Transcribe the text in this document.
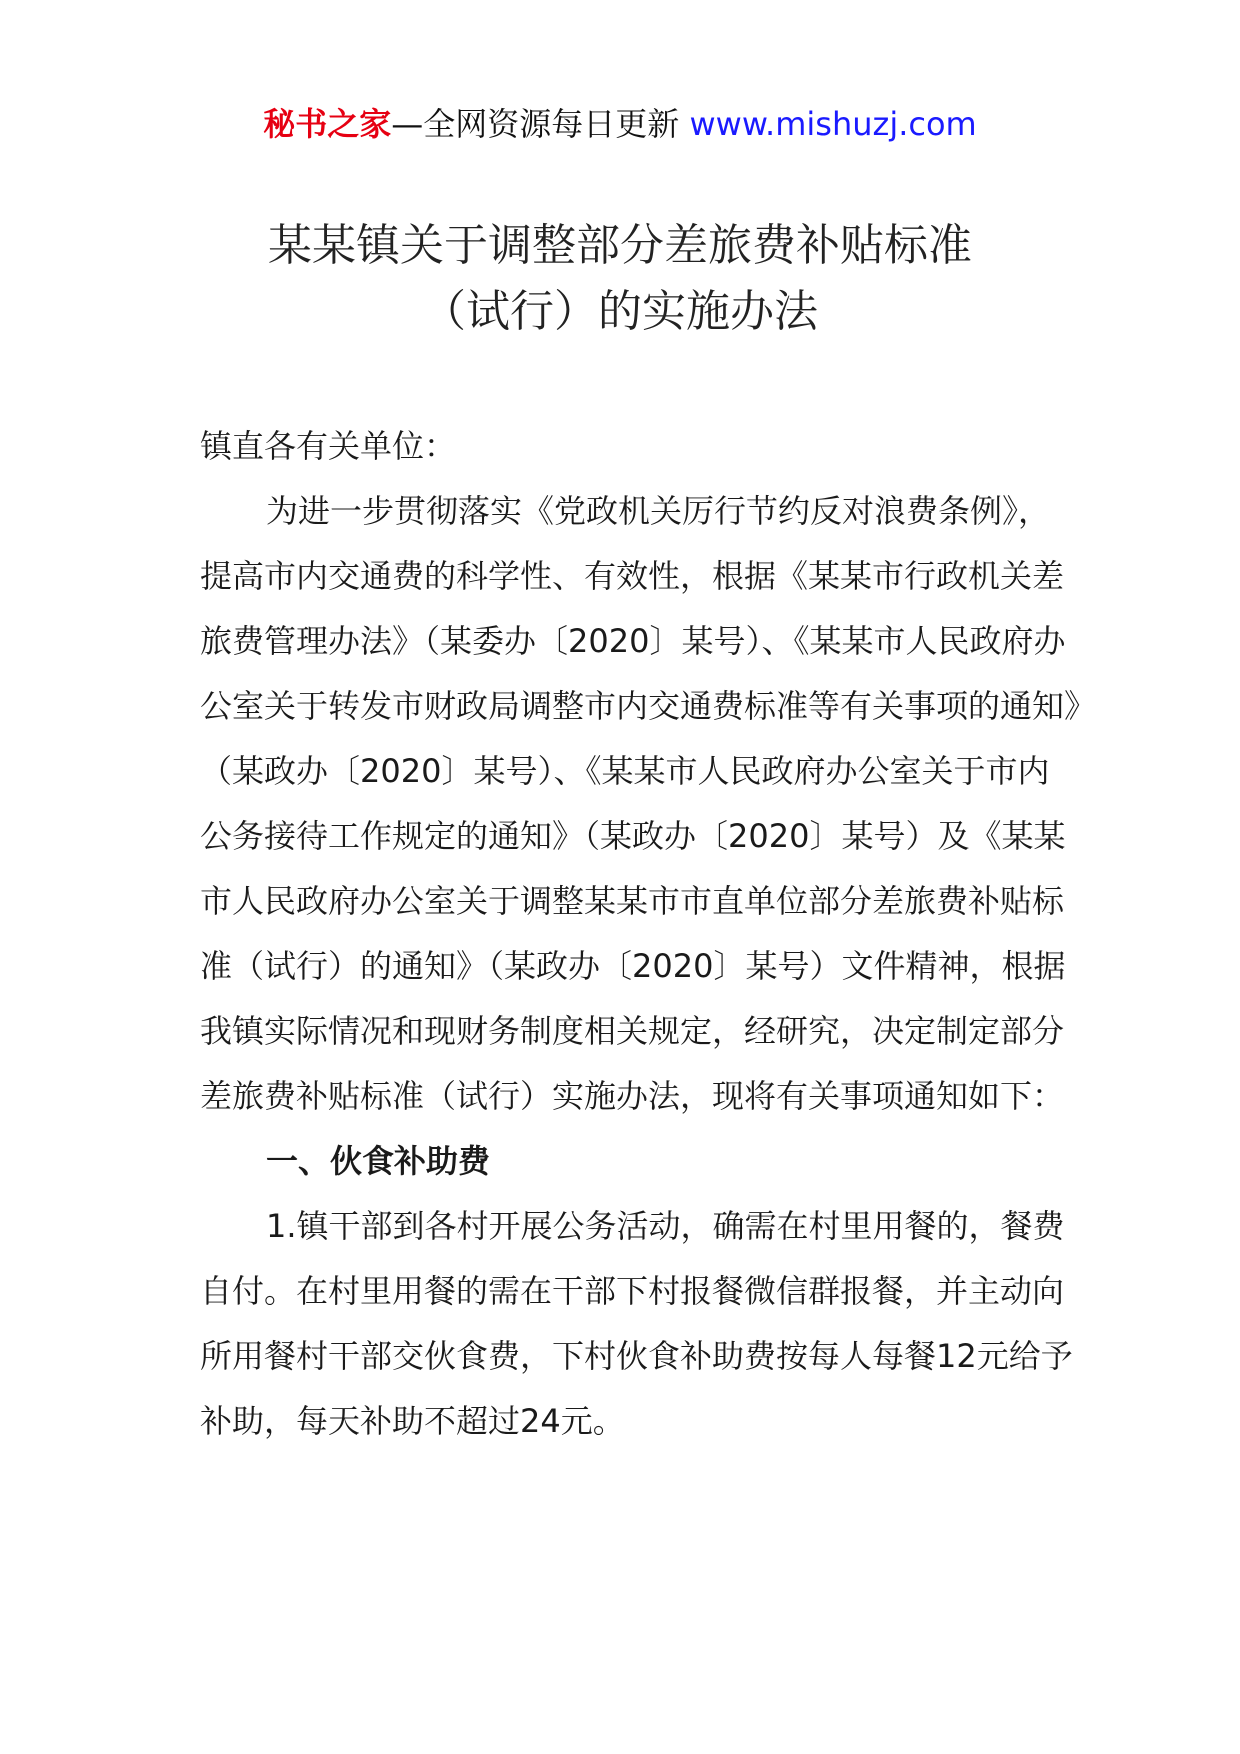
秘书之家—全网资源每日更新 www.mishuzj.com
某某镇关于调整部分差旅费补贴标准
（试行）的实施办法

镇直各有关单位：

为进一步贯彻落实《党政机关厉行节约反对浪费条例》，提高市内交通费的科学性、有效性，根据《某某市行政机关差旅费管理办法》（某委办〔2020〕某号）、《某某市人民政府办公室关于转发市财政局调整市内交通费标准等有关事项的通知》（某政办〔2020〕某号）、《某某市人民政府办公室关于市内公务接待工作规定的通知》（某政办〔2020〕某号）及《某某市人民政府办公室关于调整某某市市直单位部分差旅费补贴标准（试行）的通知》（某政办〔2020〕某号）文件精神，根据我镇实际情况和现财务制度相关规定，经研究，决定制定部分差旅费补贴标准（试行）实施办法，现将有关事项通知如下：

一、伙食补助费

1.镇干部到各村开展公务活动，确需在村里用餐的，餐费自付。在村里用餐的需在干部下村报餐微信群报餐，并主动向所用餐村干部交伙食费，下村伙食补助费按每人每餐12元给予补助，每天补助不超过24元。
